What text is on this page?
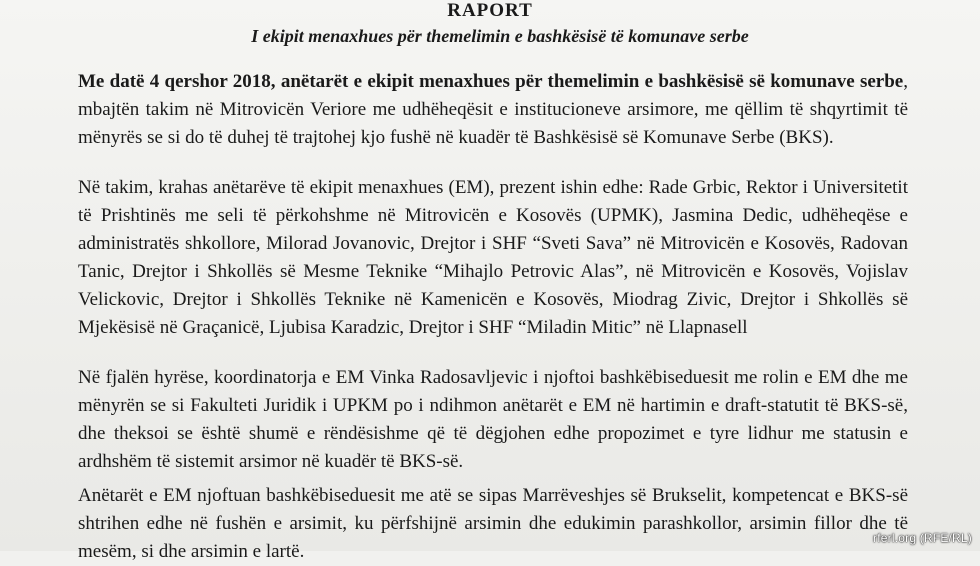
RAPORT
I ekipit menaxhues për themelimin e bashkësisë të komunave serbe

Me datë 4 qershor 2018, anëtarët e ekipit menaxhues për themelimin e bashkësisë së komunave serbe, mbajtën takim në Mitrovicën Veriore me udhëheqësit e institucioneve arsimore, me qëllim të shqyrtimit të mënyrës se si do të duhej të trajtohej kjo fushë në kuadër të Bashkësisë së Komunave Serbe (BKS).

Në takim, krahas anëtarëve të ekipit menaxhues (EM), prezent ishin edhe: Rade Grbic, Rektor i Universitetit të Prishtinës me seli të përkohshme në Mitrovicën e Kosovës (UPMK), Jasmina Dedic, udhëheqëse e administratës shkollore, Milorad Jovanovic, Drejtor i SHF “Sveti Sava” në Mitrovicën e Kosovës, Radovan Tanic, Drejtor i Shkollës së Mesme Teknike “Mihajlo Petrovic Alas”, në Mitrovicën e Kosovës, Vojislav Velickovic, Drejtor i Shkollës Teknike në Kamenicën e Kosovës, Miodrag Zivic, Drejtor i Shkollës së Mjekësisë në Graçanicë, Ljubisa Karadzic, Drejtor i SHF “Miladin Mitic” në Llapnasell

Në fjalën hyrëse, koordinatorja e EM Vinka Radosavljevic i njoftoi bashkëbiseduesit me rolin e EM dhe me mënyrën se si Fakulteti Juridik i UPKM po i ndihmon anëtarët e EM në hartimin e draft-statutit të BKS-së, dhe theksoi se është shumë e rëndësishme që të dëgjohen edhe propozimet e tyre lidhur me statusin e ardhshëm të sistemit arsimor në kuadër të BKS-së.

Anëtarët e EM njoftuan bashkëbiseduesit me atë se sipas Marrëveshjes së Brukselit, kompetencat e BKS-së shtrihen edhe në fushën e arsimit, ku përfshijnë arsimin dhe edukimin parashkollor, arsimin fillor dhe të mesëm, si dhe arsimin e lartë.

rferl.org (RFE/RL)
